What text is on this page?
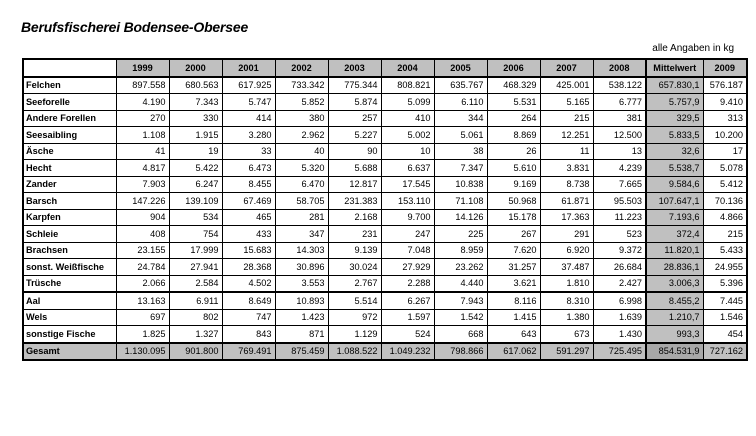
Berufsfischerei Bodensee-Obersee
alle Angaben in kg
	1999	2000	2001	2002	2003	2004	2005	2006	2007	2008	Mittelwert	2009
Felchen	897.558	680.563	617.925	733.342	775.344	808.821	635.767	468.329	425.001	538.122	657.830,1	576.187
Seeforelle	4.190	7.343	5.747	5.852	5.874	5.099	6.110	5.531	5.165	6.777	5.757,9	9.410
Andere Forellen	270	330	414	380	257	410	344	264	215	381	329,5	313
Seesaibling	1.108	1.915	3.280	2.962	5.227	5.002	5.061	8.869	12.251	12.500	5.833,5	10.200
Äsche	41	19	33	40	90	10	38	26	11	13	32,6	17
Hecht	4.817	5.422	6.473	5.320	5.688	6.637	7.347	5.610	3.831	4.239	5.538,7	5.078
Zander	7.903	6.247	8.455	6.470	12.817	17.545	10.838	9.169	8.738	7.665	9.584,6	5.412
Barsch	147.226	139.109	67.469	58.705	231.383	153.110	71.108	50.968	61.871	95.503	107.647,1	70.136
Karpfen	904	534	465	281	2.168	9.700	14.126	15.178	17.363	11.223	7.193,6	4.866
Schleie	408	754	433	347	231	247	225	267	291	523	372,4	215
Brachsen	23.155	17.999	15.683	14.303	9.139	7.048	8.959	7.620	6.920	9.372	11.820,1	5.433
sonst. Weißfische	24.784	27.941	28.368	30.896	30.024	27.929	23.262	31.257	37.487	26.684	28.836,1	24.955
Trüsche	2.066	2.584	4.502	3.553	2.767	2.288	4.440	3.621	1.810	2.427	3.006,3	5.396
Aal	13.163	6.911	8.649	10.893	5.514	6.267	7.943	8.116	8.310	6.998	8.455,2	7.445
Wels	697	802	747	1.423	972	1.597	1.542	1.415	1.380	1.639	1.210,7	1.546
sonstige Fische	1.825	1.327	843	871	1.129	524	668	643	673	1.430	993,3	454
Gesamt	1.130.095	901.800	769.491	875.459	1.088.522	1.049.232	798.866	617.062	591.297	725.495	854.531,9	727.162
